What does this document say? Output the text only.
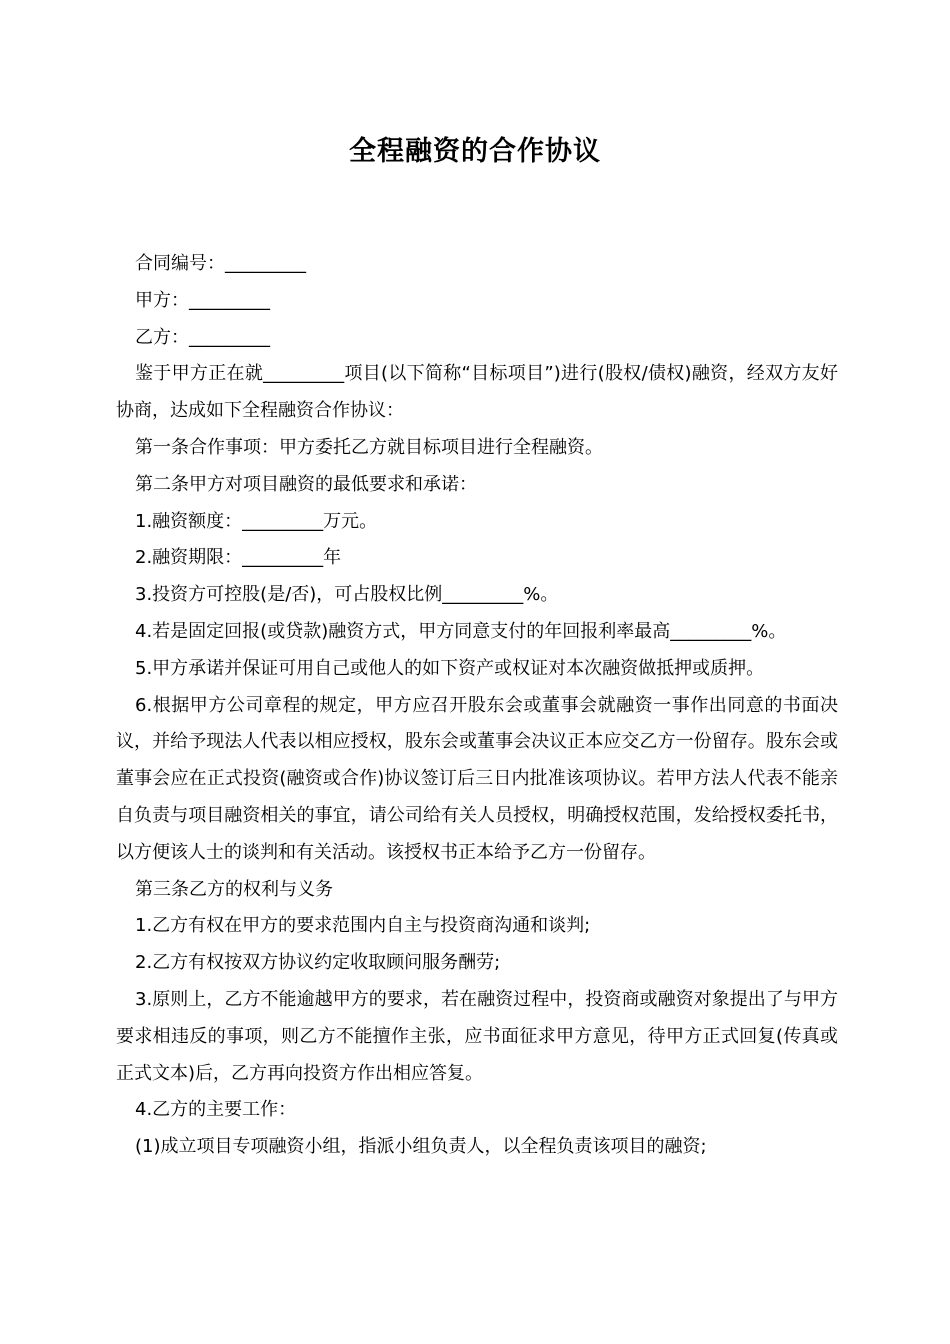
全程融资的合作协议

合同编号：_________

甲方：_________

乙方：_________

鉴于甲方正在就_________项目(以下简称“目标项目”)进行(股权/债权)融资，经双方友好协商，达成如下全程融资合作协议：

第一条合作事项：甲方委托乙方就目标项目进行全程融资。

第二条甲方对项目融资的最低要求和承诺：

1.融资额度：_________万元。

2.融资期限：_________年

3.投资方可控股(是/否)，可占股权比例_________%。

4.若是固定回报(或贷款)融资方式，甲方同意支付的年回报利率最高_________%。

5.甲方承诺并保证可用自己或他人的如下资产或权证对本次融资做抵押或质押。

6.根据甲方公司章程的规定，甲方应召开股东会或董事会就融资一事作出同意的书面决议，并给予现法人代表以相应授权，股东会或董事会决议正本应交乙方一份留存。股东会或董事会应在正式投资(融资或合作)协议签订后三日内批准该项协议。若甲方法人代表不能亲自负责与项目融资相关的事宜，请公司给有关人员授权，明确授权范围，发给授权委托书，以方便该人士的谈判和有关活动。该授权书正本给予乙方一份留存。

第三条乙方的权利与义务

1.乙方有权在甲方的要求范围内自主与投资商沟通和谈判;

2.乙方有权按双方协议约定收取顾问服务酬劳;

3.原则上，乙方不能逾越甲方的要求，若在融资过程中，投资商或融资对象提出了与甲方要求相违反的事项，则乙方不能擅作主张，应书面征求甲方意见，待甲方正式回复(传真或正式文本)后，乙方再向投资方作出相应答复。

4.乙方的主要工作：

(1)成立项目专项融资小组，指派小组负责人，以全程负责该项目的融资;
